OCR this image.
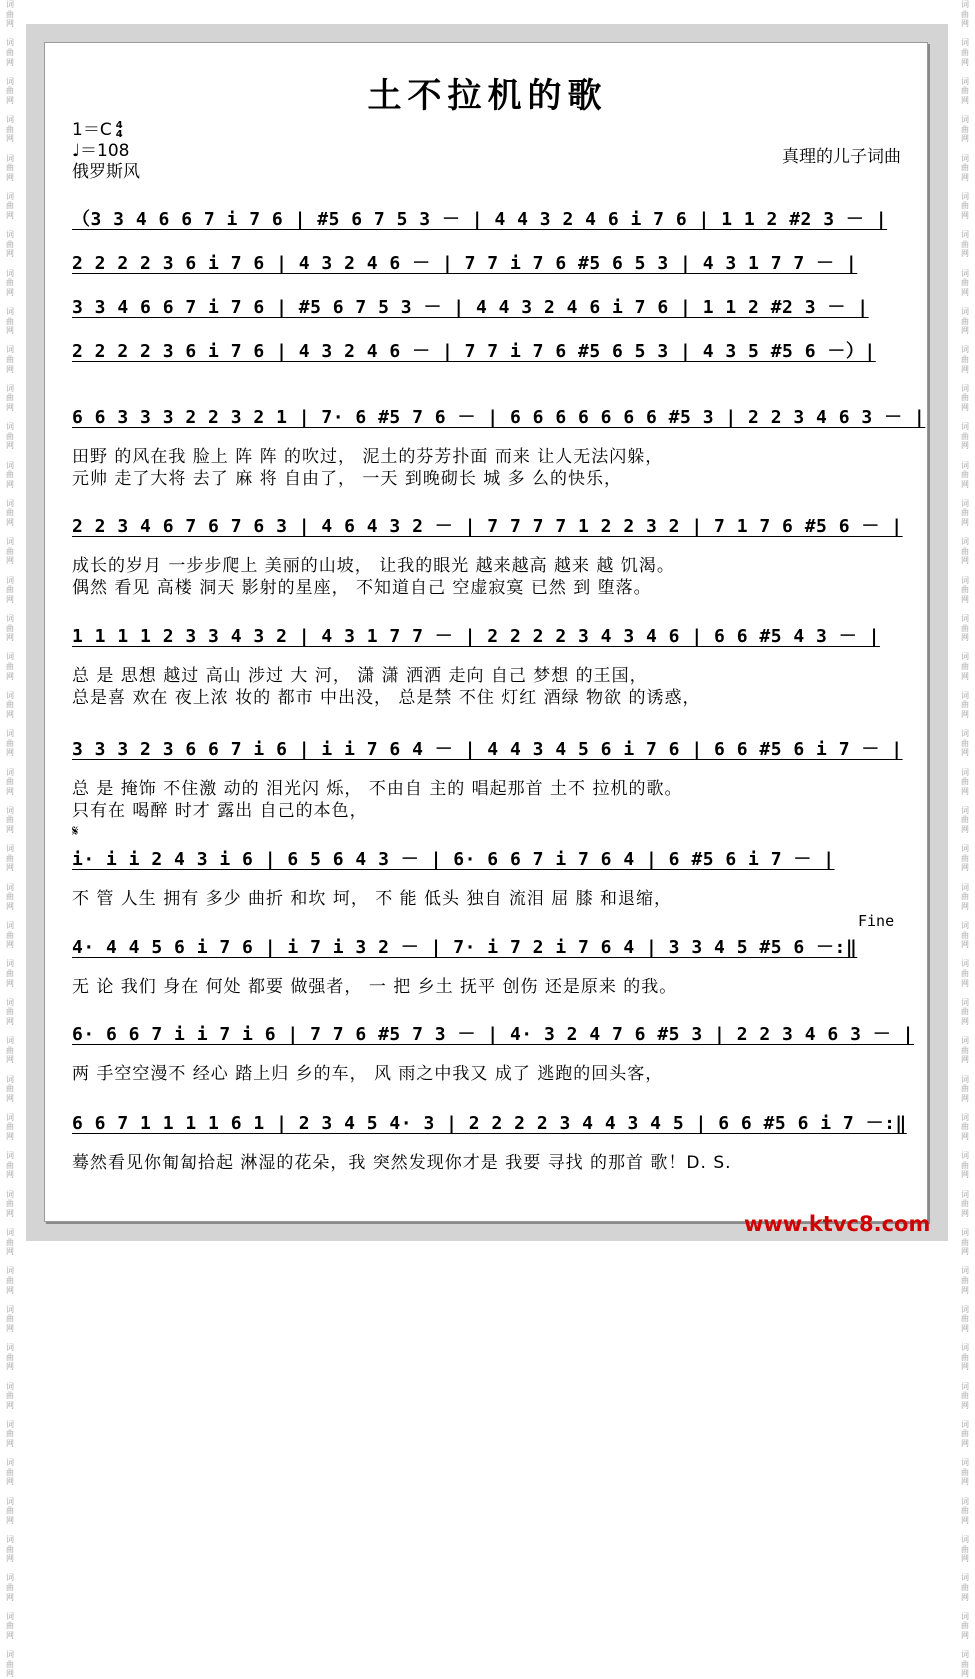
词
曲
网

词
曲
网

词
曲
网

词
曲
网

词
曲
网

词
曲
网

词
曲
网

词
曲
网

词
曲
网

词
曲
网

词
曲
网

词
曲
网

词
曲
网

词
曲
网

词
曲
网

词
曲
网

词
曲
网

词
曲
网

词
曲
网

词
曲
网

词
曲
网

词
曲
网

词
曲
网

词
曲
网

词
曲
网

词
曲
网

词
曲
网

词
曲
网

词
曲
网

词
曲
网

词
曲
网

词
曲
网

词
曲
网

词
曲
网

词
曲
网

词
曲
网

词
曲
网

词
曲
网

词
曲
网

词
曲
网

词
曲
网

词
曲
网

词
曲
网

词
曲
网

词
曲
网

词
曲
网

词
曲
网

词
曲
网

词
曲
网

词
曲
网

词
曲
网

词
曲
网

词
曲
网

词
曲
网

词
曲
网

词
曲
网

词
曲
网

词
曲
网

词
曲
网

词
曲
网

词
曲
网

词
曲
网

词
曲
网

词
曲
网

词
曲
网

词
曲
网

词
曲
网

词
曲
网

词
曲
网

词
曲
网

词
曲
网

词
曲
网

词
曲
网

词
曲
网

词
曲
网

词
曲
网

词
曲
网

词
曲
网

词
曲
网

词
曲
网

词
曲
网

词
曲
网

词
曲
网

词
曲
网

词
曲
网

词
曲
网

词
曲
网

词
曲
网

土不拉机的歌
1＝C 4
4
♩＝108
俄罗斯风
真理的儿子词曲
（3 3 4 6 6 7 i 7 6 | #5 6 7 5 3 － | 4 4 3 2 4 6 i 7 6 | 1 1 2 #2 3 － |
2 2 2 2 3 6 i 7 6 | 4 3 2 4 6 － | 7 7 i 7 6 #5 6 5 3 | 4 3 1 7 7 － |
3 3 4 6 6 7 i 7 6 | #5 6 7 5 3 － | 4 4 3 2 4 6 i 7 6 | 1 1 2 #2 3 － |
2 2 2 2 3 6 i 7 6 | 4 3 2 4 6 － | 7 7 i 7 6 #5 6 5 3 | 4 3 5 #5 6 －）|
6 6 3 3 3 2 2 3 2 1 | 7· 6 #5 7 6 － | 6 6 6 6 6 6 6 #5 3 | 2 2 3 4 6 3 － |
田野 的风在我 脸上 阵 阵 的吹过， 泥土的芬芳扑面 而来 让人无法闪躲，
元帅 走了大将 去了 麻 将 自由了， 一天 到晚砌长 城 多 么的快乐，
2 2 3 4 6 7 6 7 6 3 | 4 6 4 3 2 － | 7 7 7 7 1 2 2 3 2 | 7 1 7 6 #5 6 － |
成长的岁月 一步步爬上 美丽的山坡， 让我的眼光 越来越高 越来 越 饥渴。
偶然 看见 高楼 洞天 影射的星座， 不知道自己 空虚寂寞 已然 到 堕落。
1 1 1 1 2 3 3 4 3 2 | 4 3 1 7 7 － | 2 2 2 2 3 4 3 4 6 | 6 6 #5 4 3 － |
总 是 思想 越过 高山 涉过 大 河， 潇 潇 洒洒 走向 自己 梦想 的王国，
总是喜 欢在 夜上浓 妆的 都市 中出没， 总是禁 不住 灯红 酒绿 物欲 的诱惑，
3 3 3 2 3 6 6 7 i 6 | i i 7 6 4 － | 4 4 3 4 5 6 i 7 6 | 6 6 #5 6 i 7 － |
总 是 掩饰 不住激 动的 泪光闪 烁， 不由自 主的 唱起那首 土不 拉机的歌。
只有在 喝醉 时才 露出 自己的本色，
𝄋
i· i i 2 4 3 i 6 | 6 5 6 4 3 － | 6· 6 6 7 i 7 6 4 | 6 #5 6 i 7 － |
不 管 人生 拥有 多少 曲折 和坎 坷， 不 能 低头 独自 流泪 屈 膝 和退缩，
4· 4 4 5 6 i 7 6 | i 7 i 3 2 － | 7· i 7 2 i 7 6 4 | 3 3 4 5 #5 6 －:‖
无 论 我们 身在 何处 都要 做强者， 一 把 乡土 抚平 创伤 还是原来 的我。
Fine
6· 6 6 7 i i 7 i 6 | 7 7 6 #5 7 3 － | 4· 3 2 4 7 6 #5 3 | 2 2 3 4 6 3 － |
两 手空空漫不 经心 踏上归 乡的车， 风 雨之中我又 成了 逃跑的回头客，
6 6 7 1 1 1 1 6 1 | 2 3 4 5 4· 3 | 2 2 2 2 3 4 4 3 4 5 | 6 6 #5 6 i 7 －:‖
蓦然看见你匍匐拾起 淋湿的花朵，我 突然发现你才是 我要 寻找 的那首 歌！D. S.
www.ktvc8.com
